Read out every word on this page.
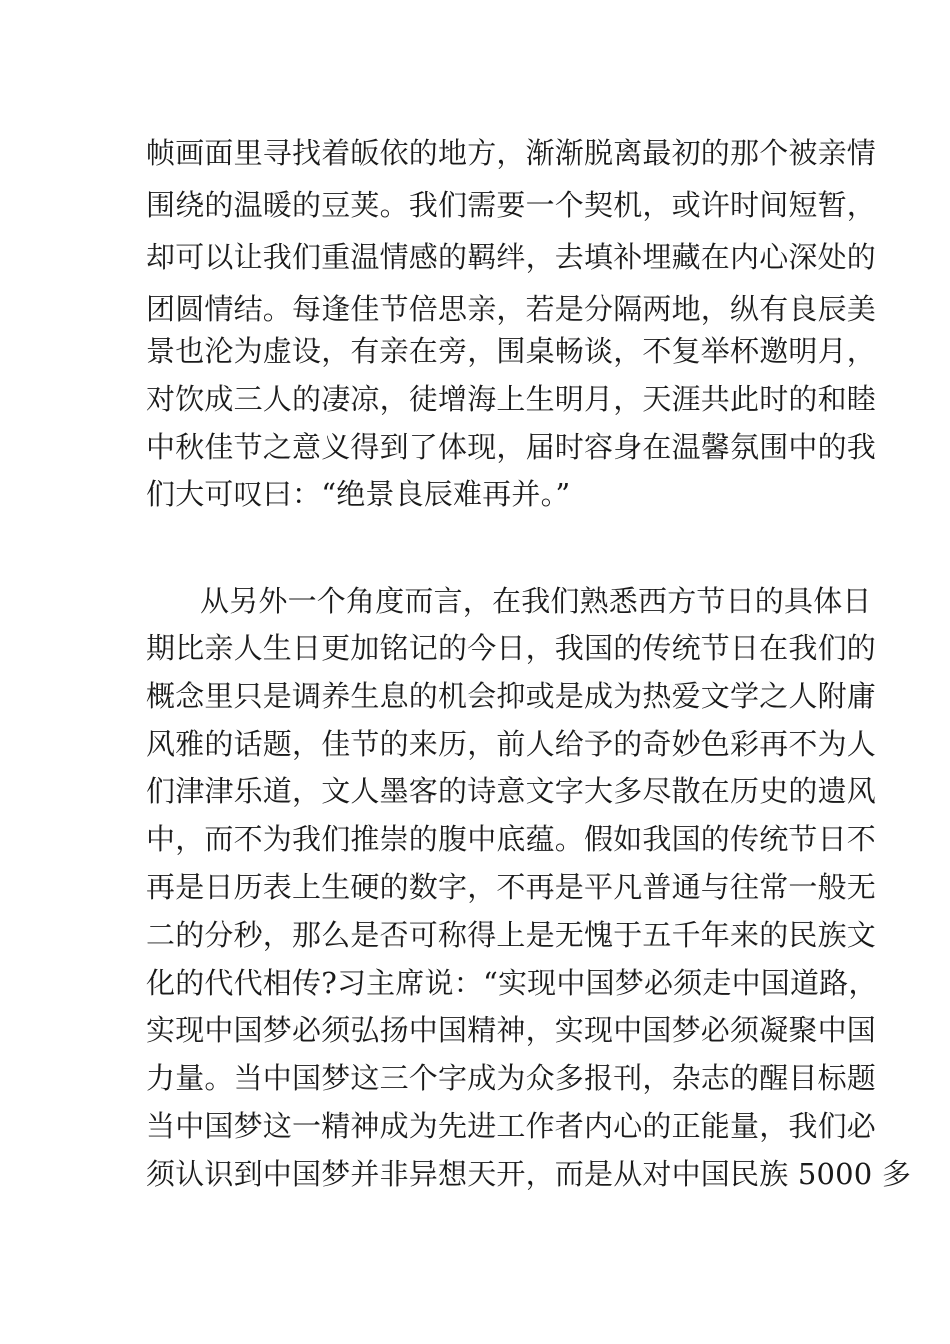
帧画面里寻找着皈依的地方，渐渐脱离最初的那个被亲情

围绕的温暖的豆荚。我们需要一个契机，或许时间短暂，

却可以让我们重温情感的羁绊，去填补埋藏在内心深处的

团圆情结。每逢佳节倍思亲，若是分隔两地，纵有良辰美

景也沦为虚设，有亲在旁，围桌畅谈，不复举杯邀明月，

对饮成三人的凄凉，徒增海上生明月，天涯共此时的和睦

中秋佳节之意义得到了体现，届时容身在温馨氛围中的我

们大可叹曰：“绝景良辰难再并。”

从另外一个角度而言，在我们熟悉西方节日的具体日

期比亲人生日更加铭记的今日，我国的传统节日在我们的

概念里只是调养生息的机会抑或是成为热爱文学之人附庸

风雅的话题，佳节的来历，前人给予的奇妙色彩再不为人

们津津乐道，文人墨客的诗意文字大多尽散在历史的遗风

中，而不为我们推崇的腹中底蕴。假如我国的传统节日不

再是日历表上生硬的数字，不再是平凡普通与往常一般无

二的分秒，那么是否可称得上是无愧于五千年来的民族文

化的代代相传?习主席说：“实现中国梦必须走中国道路，

实现中国梦必须弘扬中国精神，实现中国梦必须凝聚中国

力量。当中国梦这三个字成为众多报刊，杂志的醒目标题

当中国梦这一精神成为先进工作者内心的正能量，我们必

须认识到中国梦并非异想天开，而是从对中国民族 5000 多
